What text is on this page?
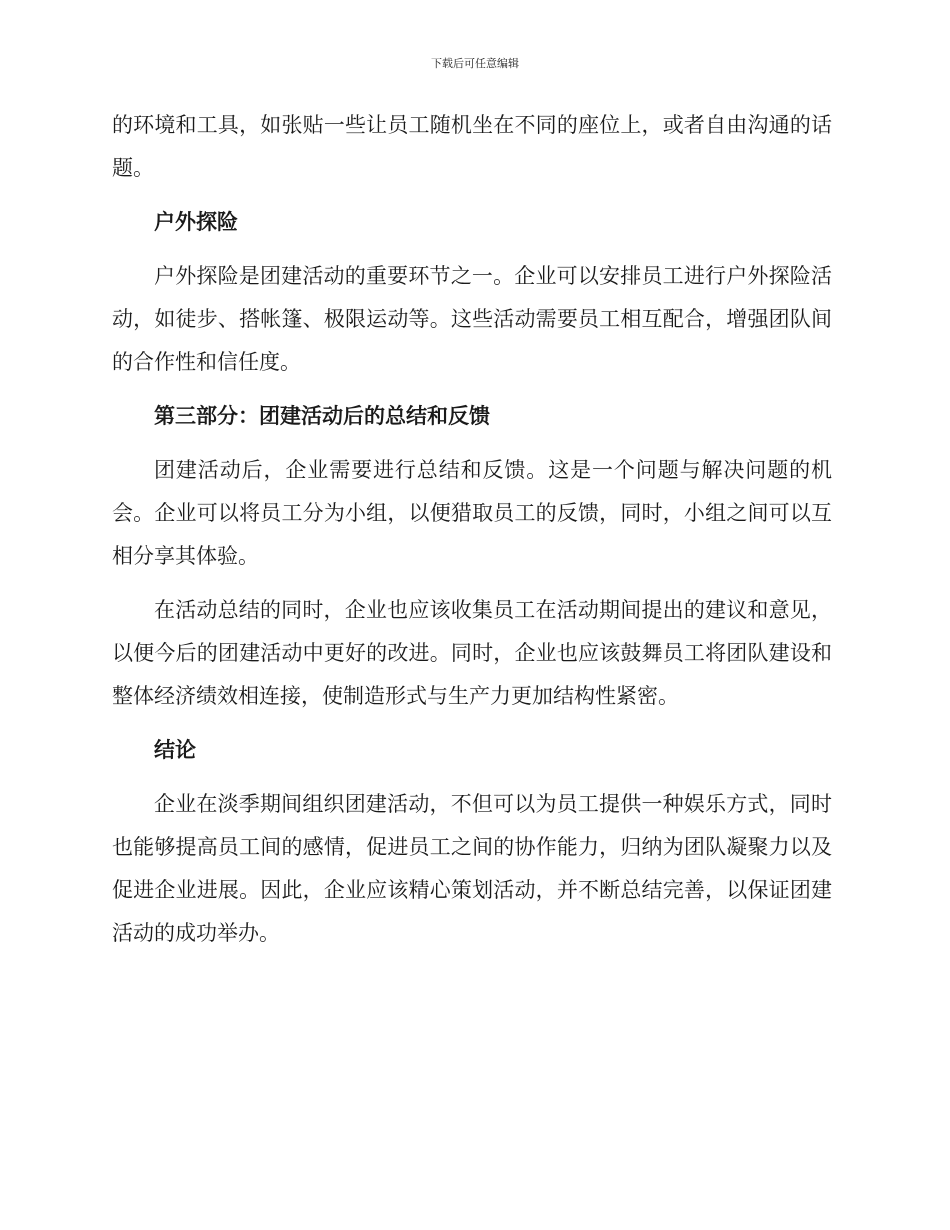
下载后可任意编辑

的环境和工具，如张贴一些让员工随机坐在不同的座位上，或者自由沟通的话题。

户外探险

户外探险是团建活动的重要环节之一。企业可以安排员工进行户外探险活动，如徒步、搭帐篷、极限运动等。这些活动需要员工相互配合，增强团队间的合作性和信任度。

第三部分：团建活动后的总结和反馈

团建活动后，企业需要进行总结和反馈。这是一个问题与解决问题的机会。企业可以将员工分为小组，以便猎取员工的反馈，同时，小组之间可以互相分享其体验。

在活动总结的同时，企业也应该收集员工在活动期间提出的建议和意见，以便今后的团建活动中更好的改进。同时，企业也应该鼓舞员工将团队建设和整体经济绩效相连接，使制造形式与生产力更加结构性紧密。

结论

企业在淡季期间组织团建活动，不但可以为员工提供一种娱乐方式，同时也能够提高员工间的感情，促进员工之间的协作能力，归纳为团队凝聚力以及促进企业进展。因此，企业应该精心策划活动，并不断总结完善，以保证团建活动的成功举办。
